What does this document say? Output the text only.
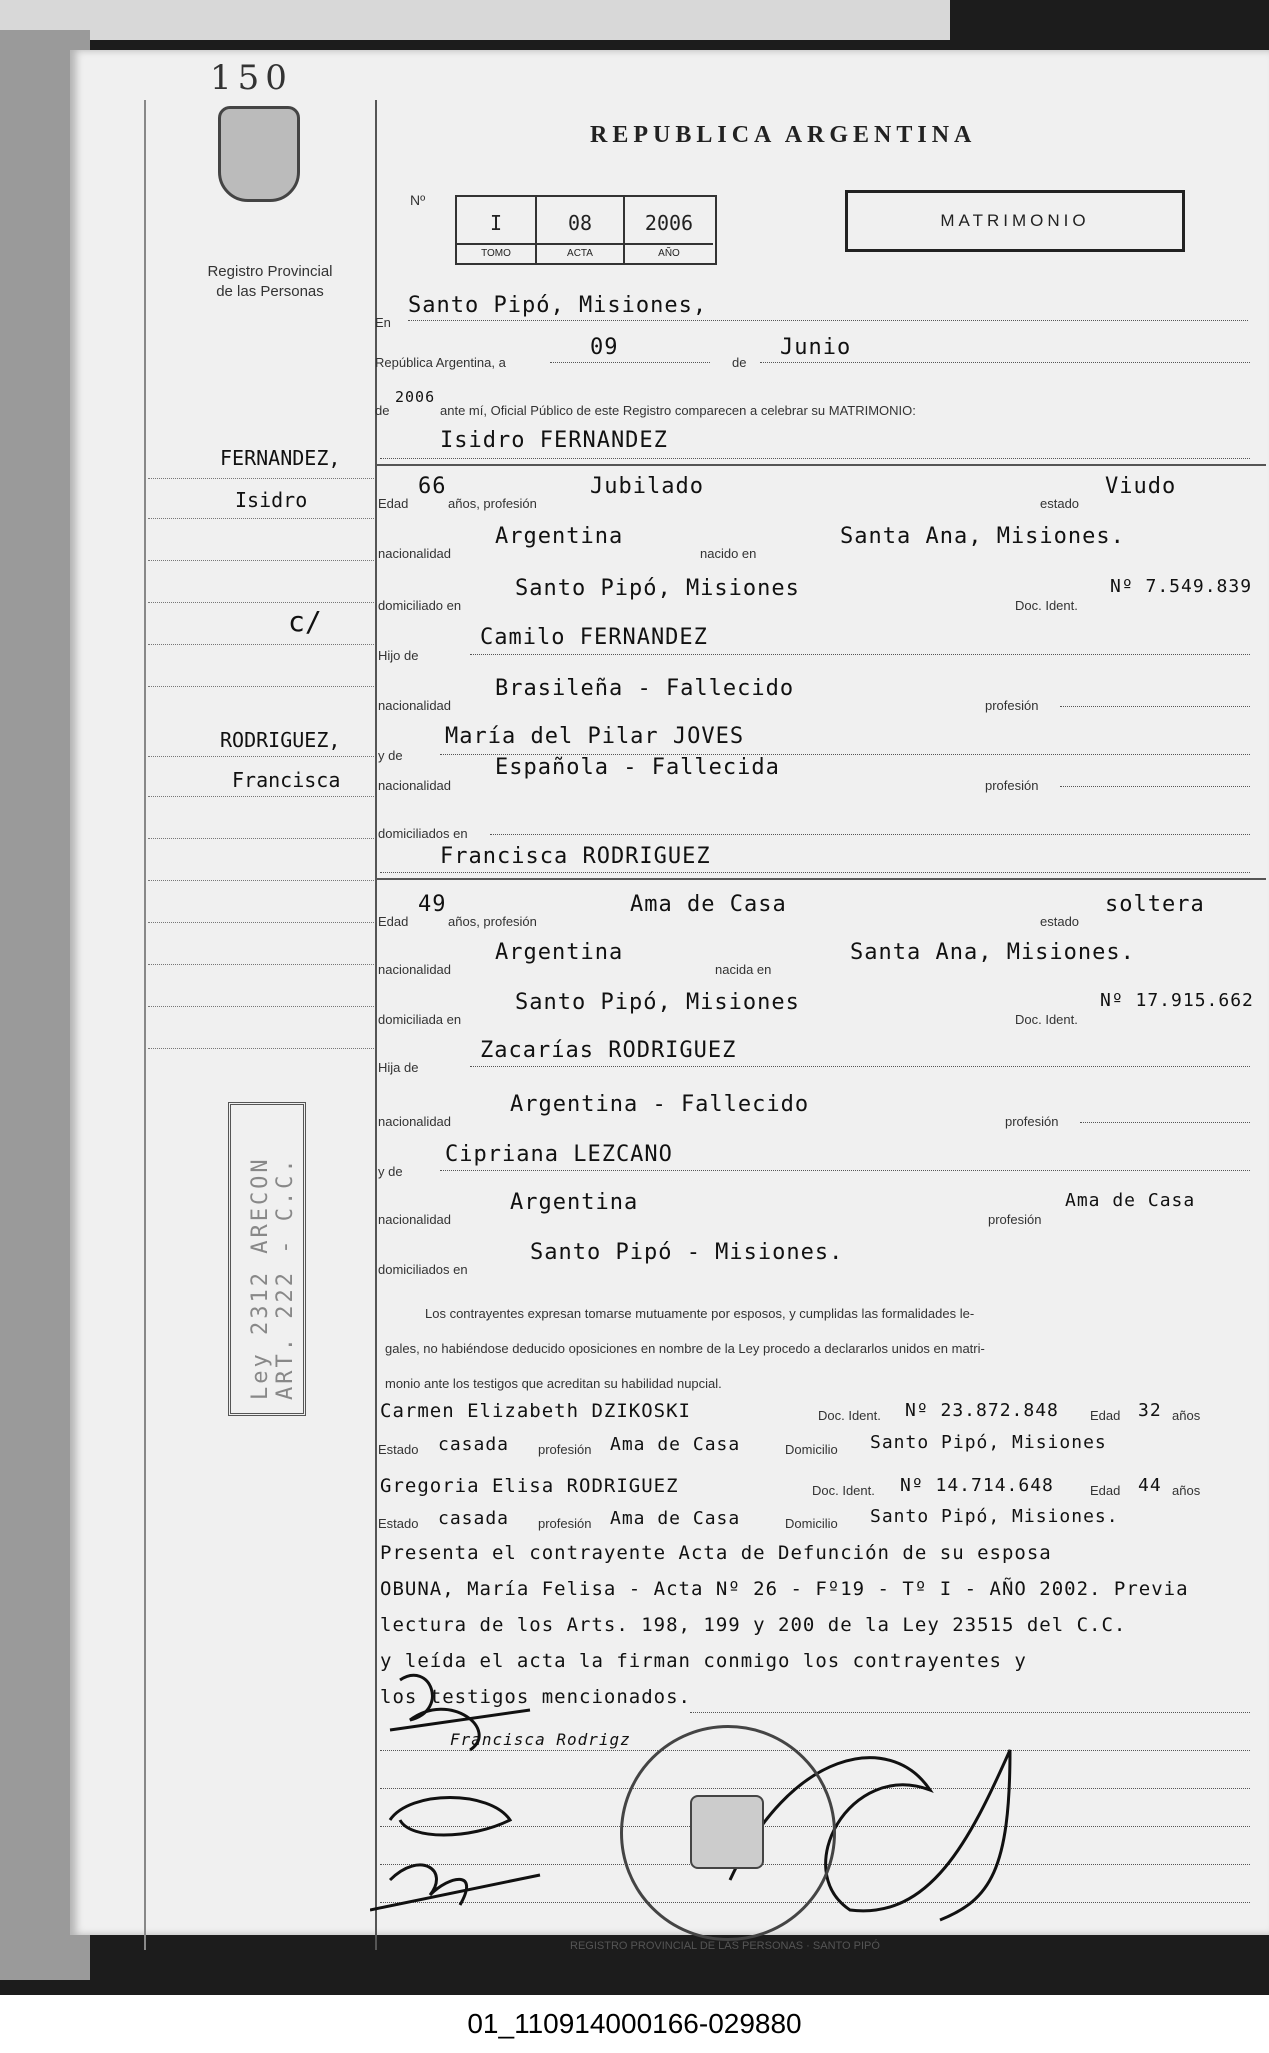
150
Registro Provincial
de las Personas
REPUBLICA ARGENTINA
Nº
I
TOMO
08
ACTA
2006
AÑO
MATRIMONIO
En
Santo Pipó, Misiones,
República Argentina, a
09
de
Junio
de
2006
ante mí, Oficial Público de este Registro comparecen a celebrar su MATRIMONIO:
Isidro FERNANDEZ
Edad
66
años, profesión
Jubilado
estado
Viudo
nacionalidad
Argentina
nacido en
Santa Ana, Misiones.
domiciliado en
Santo Pipó, Misiones
Doc. Ident.
Nº 7.549.839
Hijo de
Camilo FERNANDEZ
nacionalidad
Brasileña - Fallecido
profesión
y de
María del Pilar JOVES
nacionalidad
Española - Fallecida
profesión
domiciliados en
Francisca RODRIGUEZ
Edad
49
años, profesión
Ama de Casa
estado
soltera
nacionalidad
Argentina
nacida en
Santa Ana, Misiones.
domiciliada en
Santo Pipó, Misiones
Doc. Ident.
Nº 17.915.662
Hija de
Zacarías RODRIGUEZ
nacionalidad
Argentina - Fallecido
profesión
y de
Cipriana LEZCANO
nacionalidad
Argentina
profesión
Ama de Casa
domiciliados en
Santo Pipó - Misiones.
Los contrayentes expresan tomarse mutuamente por esposos, y cumplidas las formalidades le-
gales, no habiéndose deducido oposiciones en nombre de la Ley procedo a declararlos unidos en matri-
monio ante los testigos que acreditan su habilidad nupcial.
Carmen Elizabeth DZIKOSKI	Doc. Ident. Nº 23.872.848 Edad 32 años
Estado casada profesión Ama de Casa	Domicilio Santo Pipó, Misiones
Gregoria Elisa RODRIGUEZ	Doc. Ident. Nº 14.714.648	Edad 44 años
Estado casada profesión Ama de Casa	Domicilio Santo Pipó, Misiones.
Presenta el contrayente Acta de Defunción de su esposa
OBUNA, María Felisa - Acta Nº 26 - Fº19 - Tº I - AÑO 2002. Previa
lectura de los Arts. 198, 199 y 200 de la Ley 23515 del C.C.
y leída el acta la firman conmigo los contrayentes y
los testigos mencionados.
Francisca Rodrigz
Ley 2312 ARECON ART. 222 - C.C.
REGISTRO PROVINCIAL DE LAS PERSONAS · SANTO PIPÓ
FERNANDEZ,
Isidro
c/
RODRIGUEZ,
Francisca
01_110914000166-029880
